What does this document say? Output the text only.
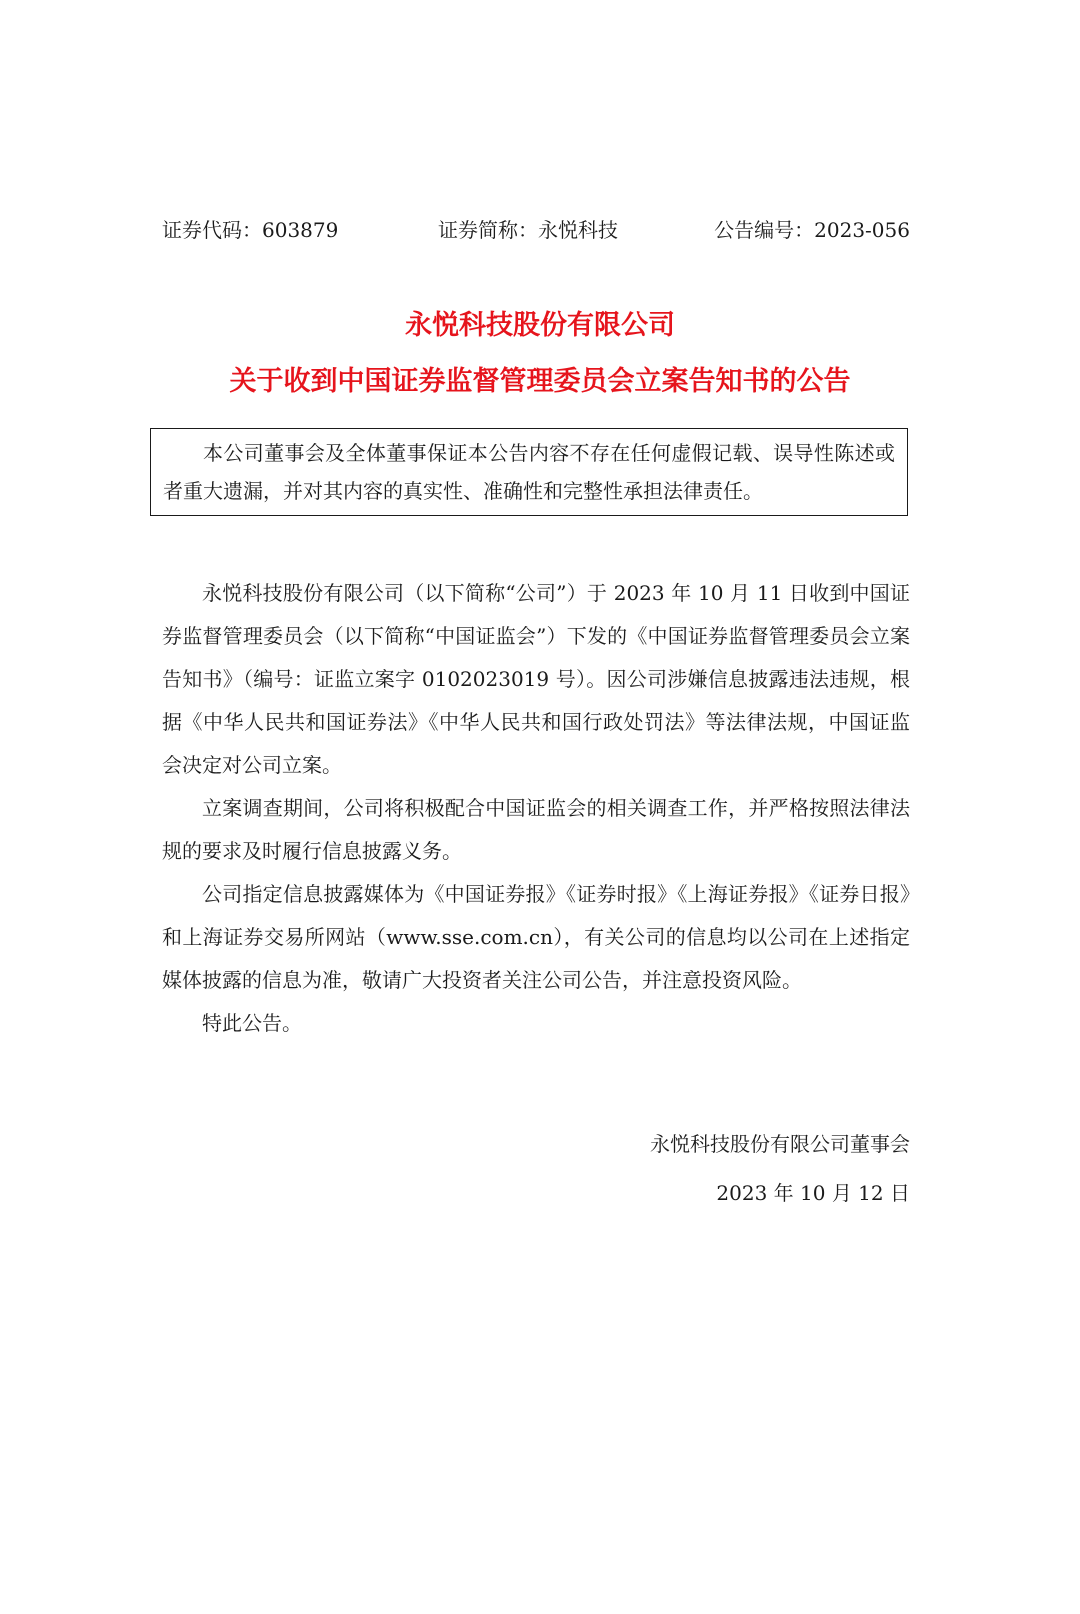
证券代码：603879	证券简称：永悦科技	公告编号：2023-056
永悦科技股份有限公司
关于收到中国证券监督管理委员会立案告知书的公告
本公司董事会及全体董事保证本公告内容不存在任何虚假记载、误导性陈述或者重大遗漏，并对其内容的真实性、准确性和完整性承担法律责任。

永悦科技股份有限公司（以下简称“公司”）于 2023 年 10 月 11 日收到中国证券监督管理委员会（以下简称“中国证监会”）下发的《中国证券监督管理委员会立案告知书》（编号：证监立案字 0102023019 号）。因公司涉嫌信息披露违法违规，根据《中华人民共和国证券法》《中华人民共和国行政处罚法》等法律法规，中国证监会决定对公司立案。

立案调查期间，公司将积极配合中国证监会的相关调查工作，并严格按照法律法规的要求及时履行信息披露义务。

公司指定信息披露媒体为《中国证券报》《证券时报》《上海证券报》《证券日报》和上海证券交易所网站（www.sse.com.cn），有关公司的信息均以公司在上述指定媒体披露的信息为准，敬请广大投资者关注公司公告，并注意投资风险。

特此公告。

永悦科技股份有限公司董事会
2023 年 10 月 12 日
